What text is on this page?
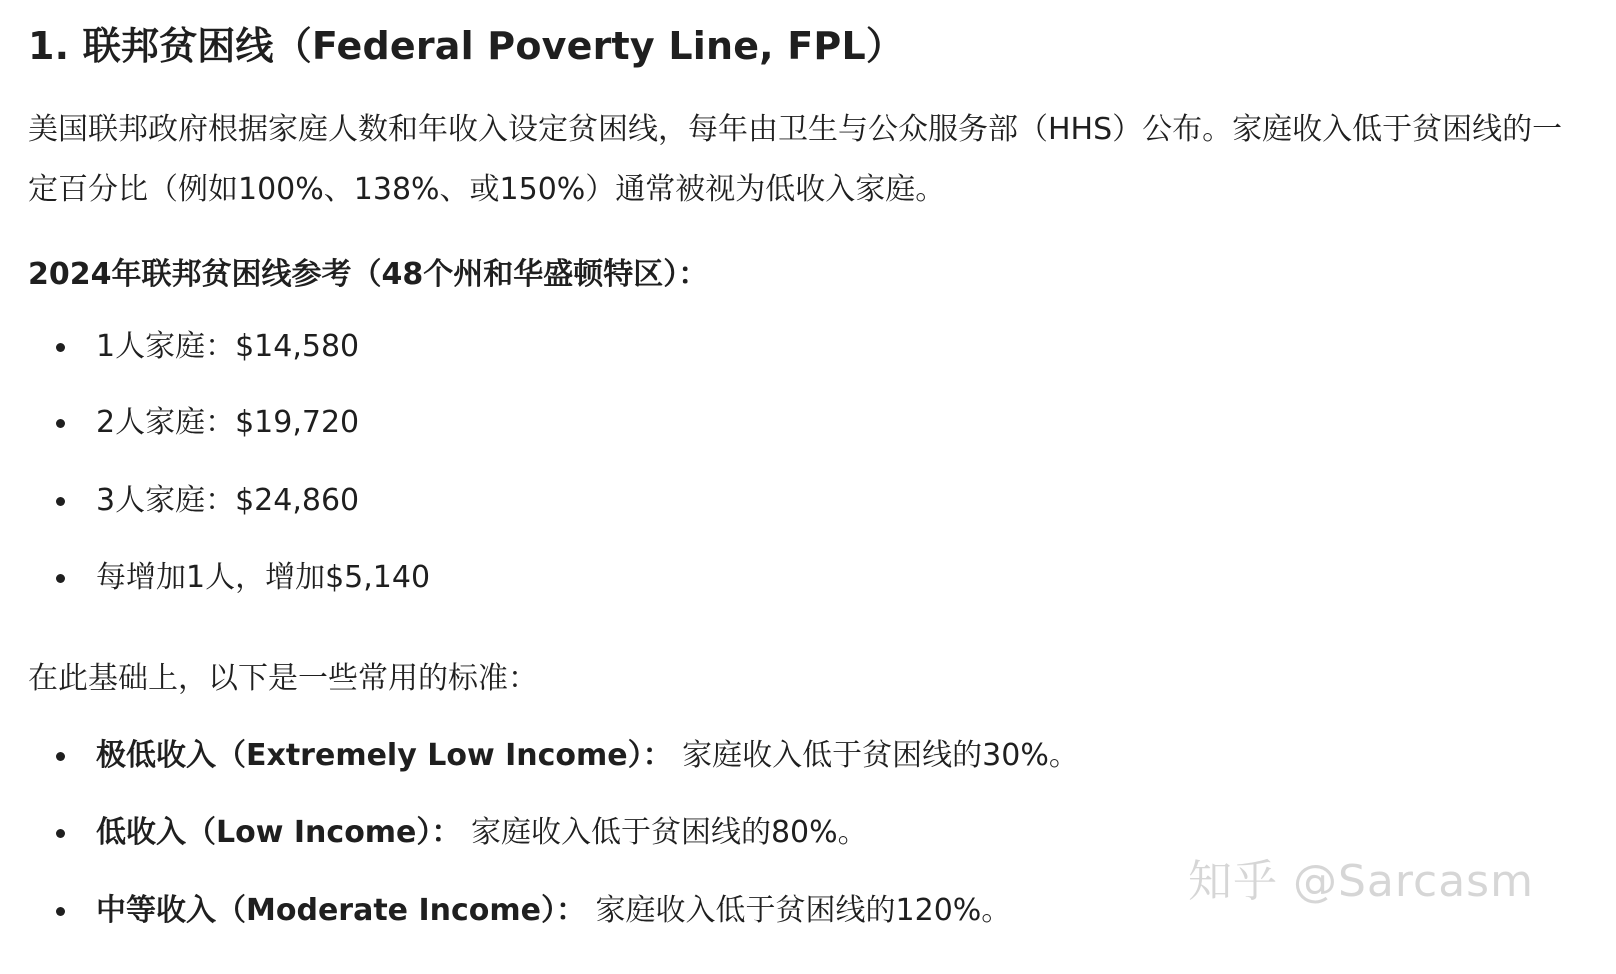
1. 联邦贫困线（Federal Poverty Line, FPL）
美国联邦政府根据家庭人数和年收入设定贫困线，每年由卫生与公众服务部（HHS）公布。家庭收入低于贫困线的一定百分比（例如100%、138%、或150%）通常被视为低收入家庭。
2024年联邦贫困线参考（48个州和华盛顿特区）：
1人家庭：$14,580
2人家庭：$19,720
3人家庭：$24,860
每增加1人，增加$5,140
在此基础上，以下是一些常用的标准：
极低收入（Extremely Low Income）： 家庭收入低于贫困线的30%。
低收入（Low Income）： 家庭收入低于贫困线的80%。
中等收入（Moderate Income）： 家庭收入低于贫困线的120%。
知乎 @Sarcasm
